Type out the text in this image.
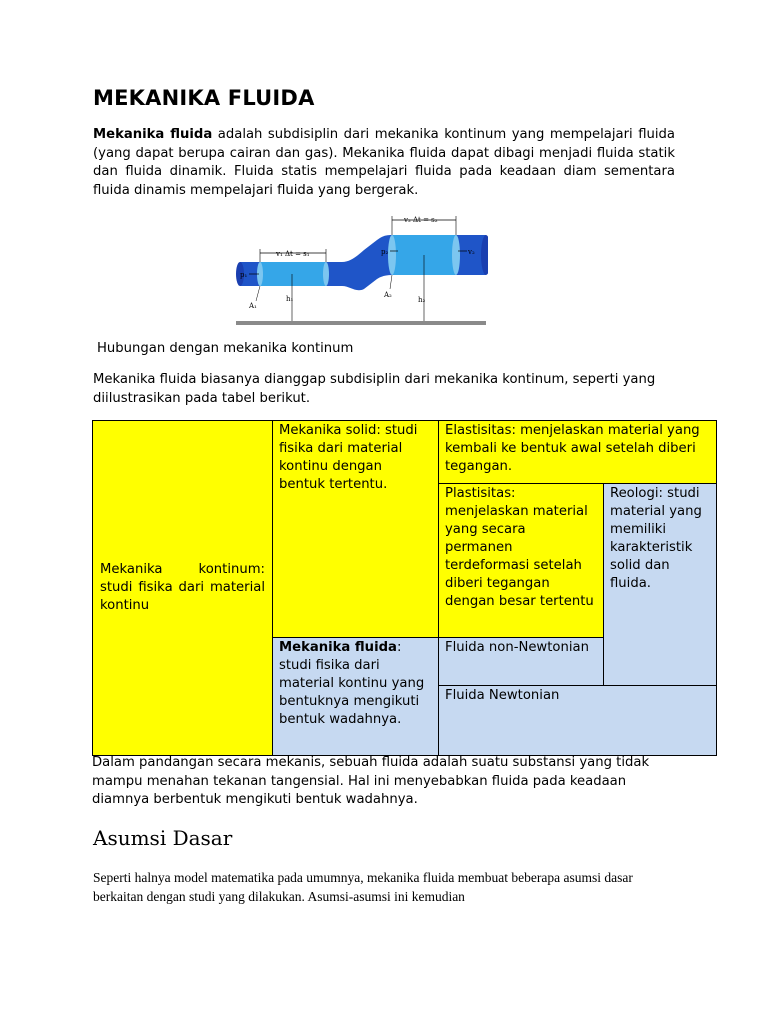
MEKANIKA FLUIDA

Mekanika fluida adalah subdisiplin dari mekanika kontinum yang mempelajari fluida (yang dapat berupa cairan dan gas). Mekanika fluida dapat dibagi menjadi fluida statik dan fluida dinamik. Fluida statis mempelajari fluida pada keadaan diam sementara fluida dinamis mempelajari fluida yang bergerak.

v₂ Δt = s₂
v₁ Δt = s₁
p₁
p₂	v₂
h₁	h₂
A₁
A₂

Hubungan dengan mekanika kontinum

Mekanika fluida biasanya dianggap subdisiplin dari mekanika kontinum, seperti yang diilustrasikan pada tabel berikut.

Mekanika kontinum: studi fisika dari material kontinu	Mekanika solid: studi fisika dari material kontinu dengan bentuk tertentu.	Elastisitas: menjelaskan material yang kembali ke bentuk awal setelah diberi tegangan.	
		Plastisitas: menjelaskan material yang secara permanen terdeformasi setelah diberi tegangan dengan besar tertentu	Reologi: studi material yang memiliki karakteristik solid dan fluida.
	Mekanika fluida: studi fisika dari material kontinu yang bentuknya mengikuti bentuk wadahnya.	Fluida non-Newtonian	
		Fluida Newtonian	

Dalam pandangan secara mekanis, sebuah fluida adalah suatu substansi yang tidak mampu menahan tekanan tangensial. Hal ini menyebabkan fluida pada keadaan diamnya berbentuk mengikuti bentuk wadahnya.

Asumsi Dasar

Seperti halnya model matematika pada umumnya, mekanika fluida membuat beberapa asumsi dasar berkaitan dengan studi yang dilakukan. Asumsi-asumsi ini kemudian
